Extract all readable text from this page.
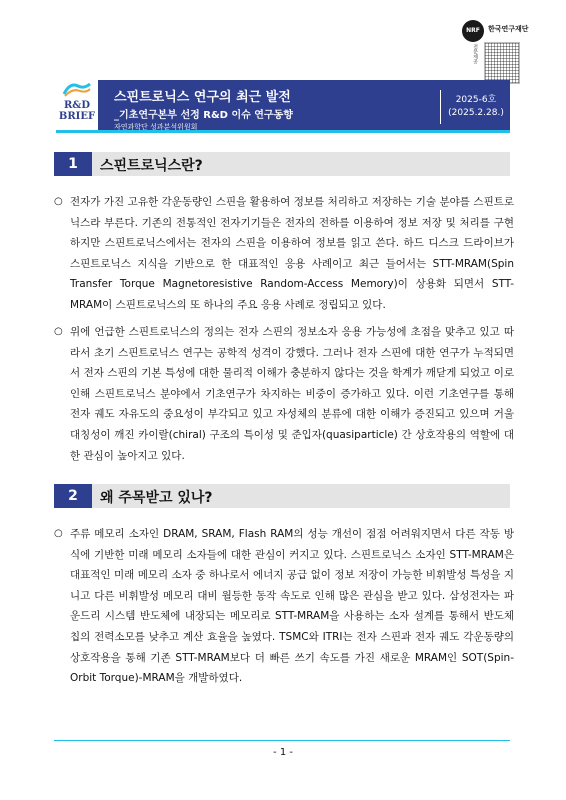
NRF	한국연구재단
전문제공
R&D
BRIEF
스핀트로닉스 연구의 최근 발전
_기초연구본부 선정 R&D 이슈 연구동향
자연과학단 성과분석위원회
2025-6호
(2025.2.28.)
1	스핀트로닉스란?
○ 전자가 가진 고유한 각운동량인 스핀을 활용하여 정보를 처리하고 저장하는 기술 분야를 스핀트로닉스라 부른다. 기존의 전통적인 전자기기들은 전자의 전하를 이용하여 정보 저장 및 처리를 구현하지만 스핀트로닉스에서는 전자의 스핀을 이용하여 정보를 읽고 쓴다. 하드 디스크 드라이브가 스핀트로닉스 지식을 기반으로 한 대표적인 응용 사례이고 최근 들어서는 STT-MRAM(Spin Transfer Torque Magnetoresistive Random-Access Memory)이 상용화 되면서 STT-MRAM이 스핀트로닉스의 또 하나의 주요 응용 사례로 정립되고 있다.
○ 위에 언급한 스핀트로닉스의 정의는 전자 스핀의 정보소자 응용 가능성에 초점을 맞추고 있고 따라서 초기 스핀트로닉스 연구는 공학적 성격이 강했다. 그러나 전자 스핀에 대한 연구가 누적되면서 전자 스핀의 기본 특성에 대한 물리적 이해가 충분하지 않다는 것을 학계가 깨닫게 되었고 이로 인해 스핀트로닉스 분야에서 기초연구가 차지하는 비중이 증가하고 있다. 이런 기초연구를 통해 전자 궤도 자유도의 중요성이 부각되고 있고 자성체의 분류에 대한 이해가 증진되고 있으며 거울 대칭성이 깨진 카이랄(chiral) 구조의 특이성 및 준입자(quasiparticle) 간 상호작용의 역할에 대한 관심이 높아지고 있다.
2	왜 주목받고 있나?
○ 주류 메모리 소자인 DRAM, SRAM, Flash RAM의 성능 개선이 점점 어려워지면서 다른 작동 방식에 기반한 미래 메모리 소자들에 대한 관심이 커지고 있다. 스핀트로닉스 소자인 STT-MRAM은 대표적인 미래 메모리 소자 중 하나로서 에너지 공급 없이 정보 저장이 가능한 비휘발성 특성을 지니고 다른 비휘발성 메모리 대비 월등한 동작 속도로 인해 많은 관심을 받고 있다. 삼성전자는 파운드리 시스템 반도체에 내장되는 메모리로 STT-MRAM을 사용하는 소자 설계를 통해서 반도체 칩의 전력소모를 낮추고 계산 효율을 높였다. TSMC와 ITRI는 전자 스핀과 전자 궤도 각운동량의 상호작용을 통해 기존 STT-MRAM보다 더 빠른 쓰기 속도를 가진 새로운 MRAM인 SOT(Spin-Orbit Torque)-MRAM을 개발하였다.
- 1 -
